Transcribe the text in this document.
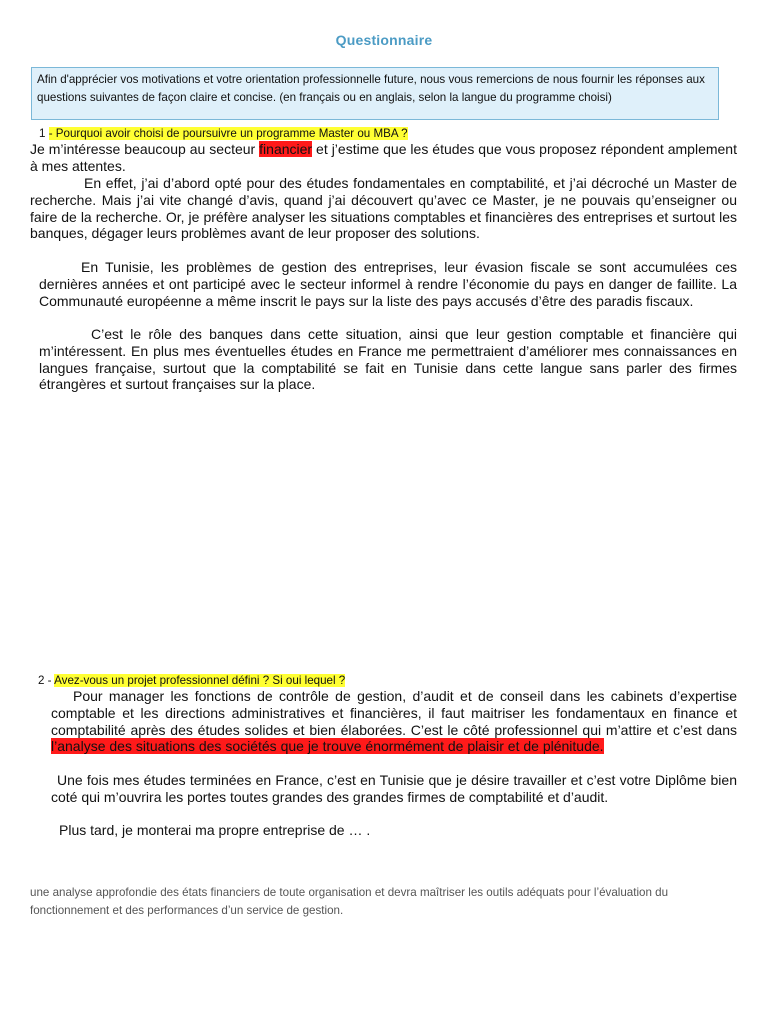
Questionnaire
Afin d'apprécier vos motivations et votre orientation professionnelle future, nous vous remercions de nous fournir les réponses aux questions suivantes de façon claire et concise. (en français ou en anglais, selon la langue du programme choisi)
1 - Pourquoi avoir choisi de poursuivre un programme Master ou MBA ?
Je m’intéresse beaucoup au secteur financier et j’estime que les études que vous proposez répondent amplement à mes attentes.
En effet, j’ai d’abord opté pour des études fondamentales en comptabilité, et j’ai décroché un Master de recherche. Mais j’ai vite changé d’avis, quand j’ai découvert qu’avec ce Master, je ne pouvais qu’enseigner ou faire de la recherche. Or, je préfère analyser les situations comptables et financières des entreprises et surtout les banques, dégager leurs problèmes avant de leur proposer des solutions.
En Tunisie, les problèmes de gestion des entreprises, leur évasion fiscale se sont accumulées ces dernières années et ont participé avec le secteur informel à rendre l’économie du pays en danger de faillite. La Communauté européenne a même inscrit le pays sur la liste des pays accusés d’être des paradis fiscaux.
C’est le rôle des banques dans cette situation, ainsi que leur gestion comptable et financière qui m’intéressent. En plus mes éventuelles études en France me permettraient d’améliorer mes connaissances en langues française, surtout que la comptabilité se fait en Tunisie dans cette langue sans parler des firmes étrangères et surtout françaises sur la place.
2 - Avez-vous un projet professionnel défini ? Si oui lequel ?
Pour manager les fonctions de contrôle de gestion, d’audit et de conseil dans les cabinets d’expertise comptable et les directions administratives et financières, il faut maitriser les fondamentaux en finance et comptabilité après des études solides et bien élaborées. C’est le côté professionnel qui m’attire et c’est dans l’analyse des situations des sociétés que je trouve énormément de plaisir et de plénitude.
Une fois mes études terminées en France, c’est en Tunisie que je désire travailler et c’est votre Diplôme bien coté qui m’ouvrira les portes toutes grandes des grandes firmes de comptabilité et d’audit.
Plus tard, je monterai ma propre entreprise de … .
une analyse approfondie des états financiers de toute organisation et devra maîtriser les outils adéquats pour l’évaluation du fonctionnement et des performances d’un service de gestion.
